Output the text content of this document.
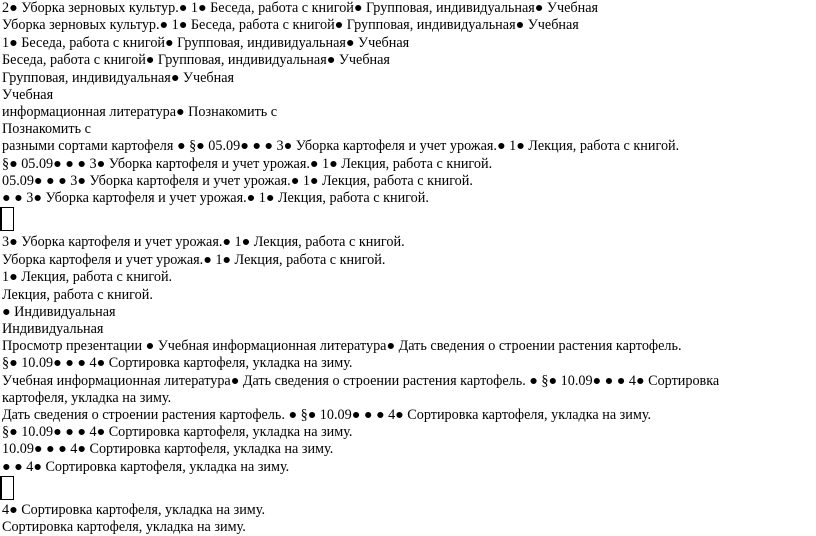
2● Уборка зерновых культур.● 1● Беседа, работа с книгой● Групповая, индивидуальная● Учебная

Уборка зерновых культур.● 1● Беседа, работа с книгой● Групповая, индивидуальная● Учебная

1● Беседа, работа с книгой● Групповая, индивидуальная● Учебная

Беседа, работа с книгой● Групповая, индивидуальная● Учебная

Групповая, индивидуальная● Учебная

Учебная

информационная литература● Познакомить с

Познакомить с

разными сортами картофеля ● §● 05.09● ● ● 3● Уборка картофеля и учет урожая.● 1● Лекция, работа с книгой.

§● 05.09● ● ● 3● Уборка картофеля и учет урожая.● 1● Лекция, работа с книгой.

05.09● ● ● 3● Уборка картофеля и учет урожая.● 1● Лекция, работа с книгой.

● ● 3● Уборка картофеля и учет урожая.● 1● Лекция, работа с книгой.

3● Уборка картофеля и учет урожая.● 1● Лекция, работа с книгой.

Уборка картофеля и учет урожая.● 1● Лекция, работа с книгой.

1● Лекция, работа с книгой.

Лекция, работа с книгой.

● Индивидуальная

Индивидуальная

Просмотр презентации ● Учебная информационная литература● Дать сведения о строении растения картофель.

§● 10.09● ● ● 4● Сортировка картофеля, укладка на зиму.

Учебная информационная литература● Дать сведения о строении растения картофель. ● §● 10.09● ● ● 4● Сортировка

картофеля, укладка на зиму.

Дать сведения о строении растения картофель. ● §● 10.09● ● ● 4● Сортировка картофеля, укладка на зиму.

§● 10.09● ● ● 4● Сортировка картофеля, укладка на зиму.

10.09● ● ● 4● Сортировка картофеля, укладка на зиму.

● ● 4● Сортировка картофеля, укладка на зиму.

4● Сортировка картофеля, укладка на зиму.

Сортировка картофеля, укладка на зиму.
